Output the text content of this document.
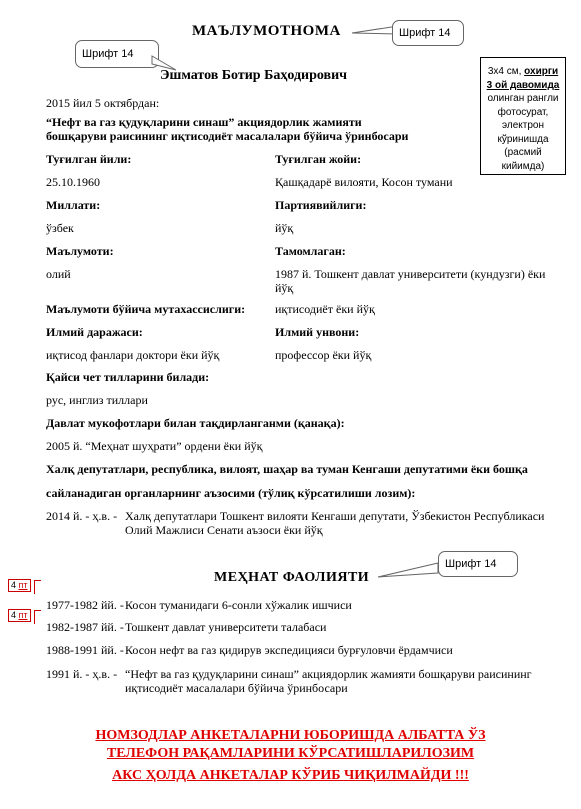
МАЪЛУМОТНОМА	Шрифт 14
Шрифт 14
Эшматов Ботир Баҳодирович	3х4 см, охирги
3 ой давомида
олинган рангли
фотосурат,
электрон
кўринишда
(расмий
кийимда)
2015 йил 5 октябрдан:
“Нефт ва газ қудуқларини синаш” акциядорлик жамияти
бошқаруви раисининг иқтисодиёт масалалари бўйича ўринбосари
Туғилган йили:	Туғилган жойи:
25.10.1960	Қашқадарё вилояти, Косон тумани
Миллати:	Партиявийлиги:
ўзбек	йўқ
Маълумоти:	Тамомлаган:
олий	1987 й. Тошкент давлат университети (кундузги) ёки
йўқ
Маълумоти бўйича мутахассислиги: иқтисодиёт ёки йўқ
Илмий даражаси:	Илмий унвони:
иқтисод фанлари доктори ёки йўқ	профессор ёки йўқ
Қайси чет тилларини билади:
рус, инглиз тиллари
Давлат мукофотлари билан тақдирланганми (қанақа):
2005 й. “Меҳнат шуҳрати” ордени ёки йўқ
Халқ депутатлари, республика, вилоят, шаҳар ва туман Кенгаши депутатими ёки бошқа
сайланадиган органларнинг аъзосими (тўлиқ кўрсатилиши лозим):
2014 й. - ҳ.в. - Халқ депутатлари Тошкент вилояти Кенгаши депутати, Ўзбекистон Республикаси
Олий Мажлиси Сенати аъзоси ёки йўқ
Шрифт 14
МЕҲНАТ ФАОЛИЯТИ
4 пт
4 пт
1977-1982 йй. - Косон туманидаги 6-сонли хўжалик ишчиси
1982-1987 йй. - Тошкент давлат университети талабаси
1988-1991 йй. - Косон нефт ва газ қидирув экспедицияси бурғуловчи ёрдамчиси
1991 й. - ҳ.в. - “Нефт ва газ қудуқларини синаш” акциядорлик жамияти бошқаруви раисининг
иқтисодиёт масалалари бўйича ўринбосари
НОМЗОДЛАР АНКЕТАЛАРНИ ЮБОРИШДА АЛБАТТА ЎЗ
ТЕЛЕФОН РАҚАМЛАРИНИ КЎРСАТИШЛАРИЛОЗИМ
АКС ҲОЛДА АНКЕТАЛАР КЎРИБ ЧИҚИЛМАЙДИ !!!
